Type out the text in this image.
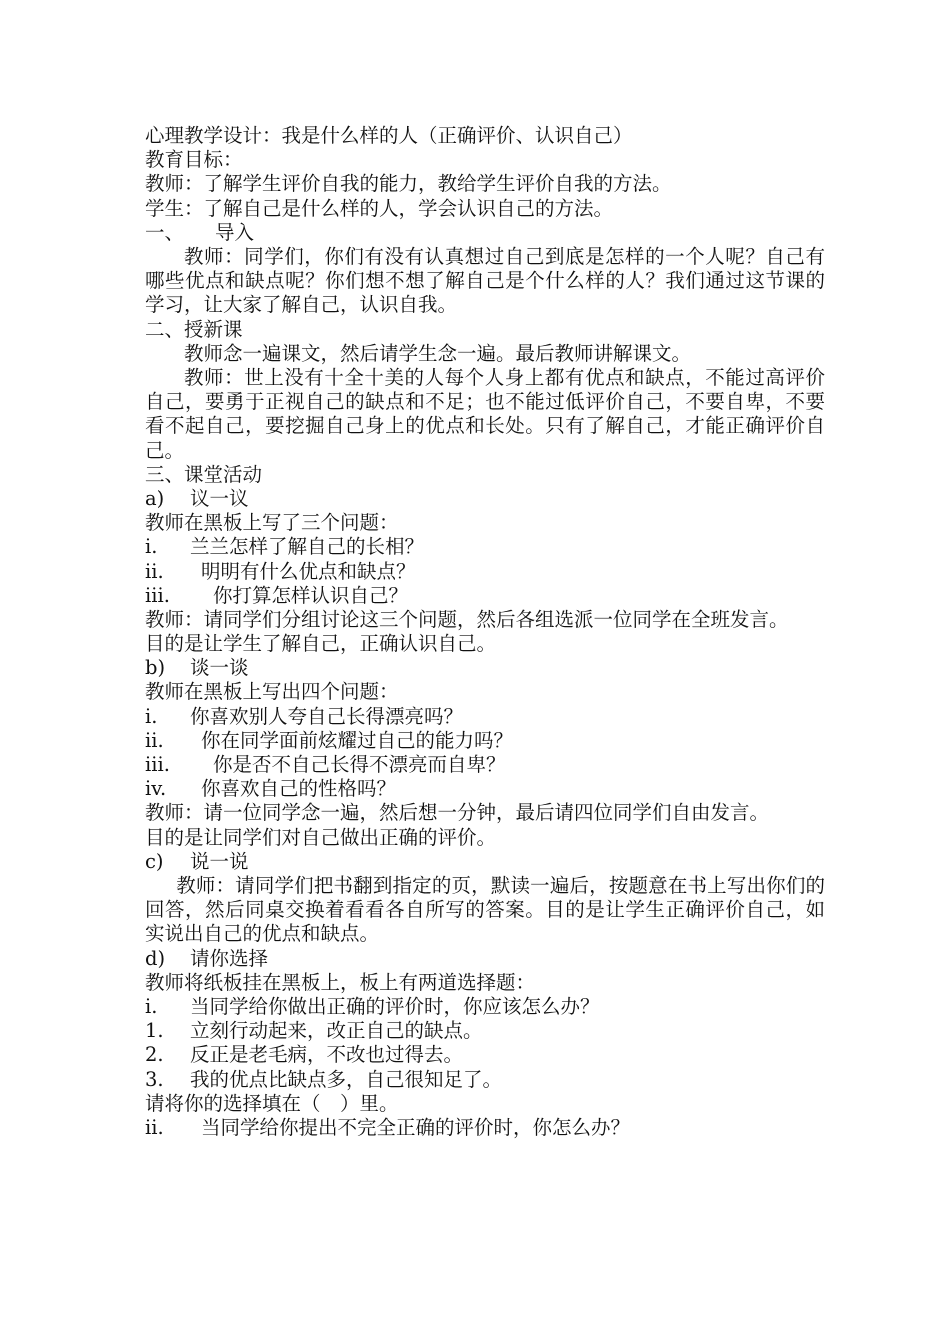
心理教学设计：我是什么样的人（正确评价、认识自己）
教育目标：
教师：了解学生评价自我的能力，教给学生评价自我的方法。
学生：了解自己是什么样的人，学会认识自己的方法。
一、 导入
教师：同学们，你们有没有认真想过自己到底是怎样的一个人呢？自己有哪些优点和缺点呢？你们想不想了解自己是个什么样的人？我们通过这节课的学习，让大家了解自己，认识自我。
二、授新课
教师念一遍课文，然后请学生念一遍。最后教师讲解课文。
教师：世上没有十全十美的人每个人身上都有优点和缺点，不能过高评价自己，要勇于正视自己的缺点和不足；也不能过低评价自己，不要自卑，不要看不起自己，要挖掘自己身上的优点和长处。只有了解自己，才能正确评价自己。
三、课堂活动
a) 议一议
教师在黑板上写了三个问题：
i. 兰兰怎样了解自己的长相？
ii. 明明有什么优点和缺点？
iii. 你打算怎样认识自己？
教师：请同学们分组讨论这三个问题，然后各组选派一位同学在全班发言。
目的是让学生了解自己，正确认识自己。
b) 谈一谈
教师在黑板上写出四个问题：
i. 你喜欢别人夸自己长得漂亮吗？
ii. 你在同学面前炫耀过自己的能力吗？
iii. 你是否不自己长得不漂亮而自卑？
iv. 你喜欢自己的性格吗？
教师：请一位同学念一遍，然后想一分钟，最后请四位同学们自由发言。
目的是让同学们对自己做出正确的评价。
c) 说一说
教师：请同学们把书翻到指定的页，默读一遍后，按题意在书上写出你们的回答，然后同桌交换着看看各自所写的答案。目的是让学生正确评价自己，如实说出自己的优点和缺点。
d) 请你选择
教师将纸板挂在黑板上，板上有两道选择题：
i. 当同学给你做出正确的评价时，你应该怎么办？
1. 立刻行动起来，改正自己的缺点。
2. 反正是老毛病，不改也过得去。
3. 我的优点比缺点多，自己很知足了。
请将你的选择填在（　）里。
ii. 当同学给你提出不完全正确的评价时，你怎么办？
